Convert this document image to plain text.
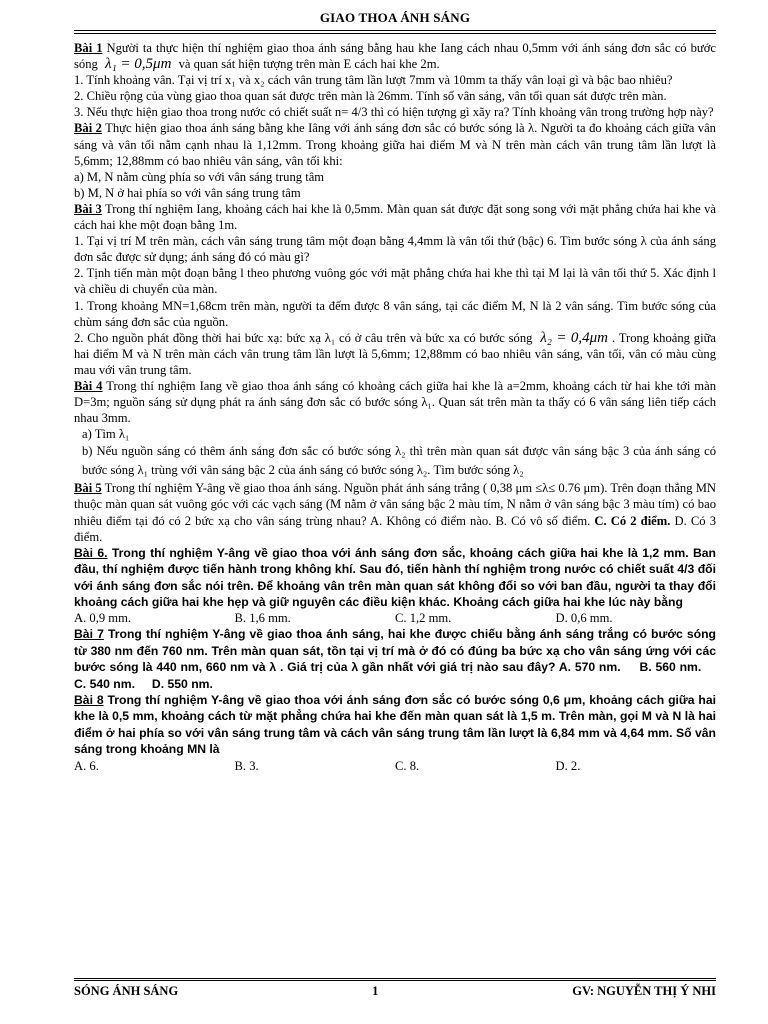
GIAO THOA ÁNH SÁNG

Bài 1 Người ta thực hiện thí nghiệm giao thoa ánh sáng bằng hau khe Iang cách nhau 0,5mm với ánh sáng đơn sắc có bước sóng λ₁ = 0,5μm và quan sát hiện tượng trên màn E cách hai khe 2m.

1. Tính khoảng vân. Tại vị trí x₁ và x₂ cách vân trung tâm lần lượt 7mm và 10mm ta thấy vân loại gì và bậc bao nhiêu?

2. Chiều rộng của vùng giao thoa quan sát được trên màn là 26mm. Tính số vân sáng, vân tối quan sát được trên màn.

3. Nếu thực hiện giao thoa trong nước có chiết suất n= 4/3 thì có hiện tượng gì xãy ra? Tính khoảng vân trong trường hợp này?

Bài 2 Thực hiện giao thoa ánh sáng bằng khe Iâng với ánh sáng đơn sắc có bước sóng là λ. Người ta đo khoảng cách giữa vân sáng và vân tối nằm cạnh nhau là 1,12mm. Trong khoảng giữa hai điểm M và N trên màn cách vân trung tâm lần lượt là 5,6mm; 12,88mm có bao nhiêu vân sáng, vân tối khi:

a) M, N nằm cùng phía so với vân sáng trung tâm

b) M, N ở hai phía so với vân sáng trung tâm

Bài 3 Trong thí nghiệm Iang, khoảng cách hai khe là 0,5mm. Màn quan sát được đặt song song với mặt phẳng chứa hai khe và cách hai khe một đoạn bằng 1m.

1. Tại vị trí M trên màn, cách vân sáng trung tâm một đoạn bằng 4,4mm là vân tối thứ (bậc) 6. Tìm bước sóng λ của ánh sáng đơn sắc được sử dụng; ánh sáng đó có màu gì?

2. Tịnh tiến màn một đoạn bằng l theo phương vuông góc với mặt phẳng chứa hai khe thì tại M lại là vân tối thứ 5. Xác định l và chiều di chuyển của màn.

1. Trong khoảng MN=1,68cm trên màn, người ta đếm được 8 vân sáng, tại các điểm M, N là 2 vân sáng. Tìm bước sóng của chùm sáng đơn sắc của nguồn.

2. Cho nguồn phát đồng thời hai bức xạ: bức xạ λ₁ có ở câu trên và bức xa có bước sóng λ₂ = 0,4μm . Trong khoảng giữa hai điểm M và N trên màn cách vân trung tâm lần lượt là 5,6mm; 12,88mm có bao nhiêu vân sáng, vân tối, vân có màu cùng mau với vân trung tâm.

Bài 4 Trong thí nghiệm Iang về giao thoa ánh sáng có khoảng cách giữa hai khe là a=2mm, khoảng cách từ hai khe tới màn D=3m; nguồn sáng sử dụng phát ra ánh sáng đơn sắc có bước sóng λ₁. Quan sát trên màn ta thấy có 6 vân sáng liên tiếp cách nhau 3mm.

a) Tìm λ₁

b) Nếu nguồn sáng có thêm ánh sáng đơn sắc có bước sóng λ₂ thì trên màn quan sát được vân sáng bậc 3 của ánh sáng có bước sóng λ₁ trùng với vân sáng bậc 2 của ánh sáng có bước sóng λ₂. Tìm bước sóng λ₂

Bài 5 Trong thí nghiệm Y-âng về giao thoa ánh sáng. Nguồn phát ánh sáng trắng ( 0,38 μm ≤λ≤ 0.76 μm). Trên đoạn thẳng MN thuộc màn quan sát vuông góc với các vạch sáng (M nằm ở vân sáng bậc 2 màu tím, N nằm ở vân sáng bậc 3 màu tím) có bao nhiêu điểm tại đó có 2 bức xạ cho vân sáng trùng nhau? A. Không có điểm nào. B. Có vô số điểm. C. Có 2 điểm. D. Có 3 điểm.

Bài 6. Trong thí nghiệm Y-âng về giao thoa với ánh sáng đơn sắc, khoảng cách giữa hai khe là 1,2 mm. Ban đầu, thí nghiệm được tiến hành trong không khí. Sau đó, tiến hành thí nghiệm trong nước có chiết suất 4/3 đối với ánh sáng đơn sắc nói trên. Để khoảng vân trên màn quan sát không đổi so với ban đầu, người ta thay đổi khoảng cách giữa hai khe hẹp và giữ nguyên các điều kiện khác. Khoảng cách giữa hai khe lúc này bằng
A. 0,9 mm.	B. 1,6 mm.	C. 1,2 mm.	D. 0,6 mm.
Bài 7 Trong thí nghiệm Y-âng về giao thoa ánh sáng, hai khe được chiếu bằng ánh sáng trắng có bước sóng từ 380 nm đến 760 nm. Trên màn quan sát, tồn tại vị trí mà ở đó có đúng ba bức xạ cho vân sáng ứng với các bước sóng là 440 nm, 660 nm và λ . Giá trị của λ gần nhất với giá trị nào sau đây? A. 570 nm. B. 560 nm.     C. 540 nm. D. 550 nm.
Bài 8 Trong thí nghiệm Y-âng về giao thoa với ánh sáng đơn sắc có bước sóng 0,6 μm, khoảng cách giữa hai khe là 0,5 mm, khoảng cách từ mặt phẳng chứa hai khe đến màn quan sát là 1,5 m. Trên màn, gọi M và N là hai điểm ở hai phía so với vân sáng trung tâm và cách vân sáng trung tâm lần lượt là 6,84 mm và 4,64 mm. Số vân sáng trong khoảng MN là
A. 6.	B. 3.	C. 8.	D. 2.
SÓNG ÁNH SÁNG	1	GV: NGUYỄN THỊ Ý NHI
